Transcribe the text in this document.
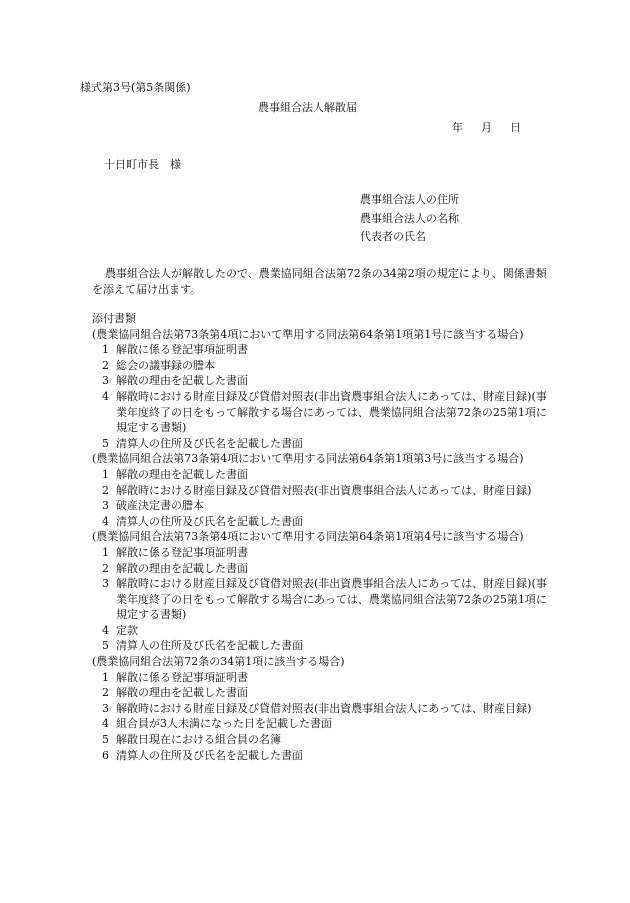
様式第3号(第5条関係)
農事組合法人解散届
年 月 日
十日町市長　様
農事組合法人の住所
農事組合法人の名称
代表者の氏名
農事組合法人が解散したので、農業協同組合法第72条の34第2項の規定により、関係書類を添えて届け出ます。
添付書類
(農業協同組合法第73条第4項において準用する同法第64条第1項第1号に該当する場合)
1 解散に係る登記事項証明書
2 総会の議事録の謄本
3 解散の理由を記載した書面
4 解散時における財産目録及び貸借対照表(非出資農事組合法人にあっては、財産目録)(事業年度終了の日をもって解散する場合にあっては、農業協同組合法第72条の25第1項に規定する書類)
5 清算人の住所及び氏名を記載した書面
(農業協同組合法第73条第4項において準用する同法第64条第1項第3号に該当する場合)
1 解散の理由を記載した書面
2 解散時における財産目録及び貸借対照表(非出資農事組合法人にあっては、財産目録)
3 破産決定書の謄本
4 清算人の住所及び氏名を記載した書面
(農業協同組合法第73条第4項において準用する同法第64条第1項第4号に該当する場合)
1 解散に係る登記事項証明書
2 解散の理由を記載した書面
3 解散時における財産目録及び貸借対照表(非出資農事組合法人にあっては、財産目録)(事業年度終了の日をもって解散する場合にあっては、農業協同組合法第72条の25第1項に規定する書類)
4 定款
5 清算人の住所及び氏名を記載した書面
(農業協同組合法第72条の34第1項に該当する場合)
1 解散に係る登記事項証明書
2 解散の理由を記載した書面
3 解散時における財産目録及び貸借対照表(非出資農事組合法人にあっては、財産目録)
4 組合員が3人未満になった日を記載した書面
5 解散日現在における組合員の名簿
6 清算人の住所及び氏名を記載した書面
